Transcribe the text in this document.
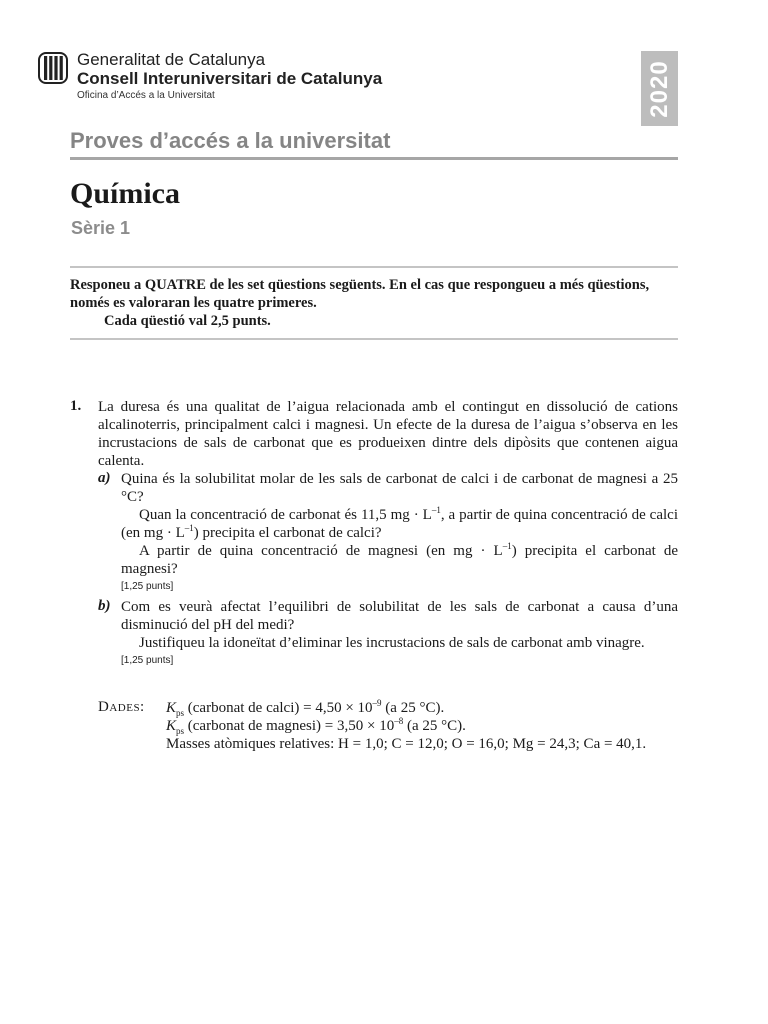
Generalitat de Catalunya
Consell Interuniversitari de Catalunya
Oficina d’Accés a la Universitat	2020
Proves d’accés a la universitat
Química
Sèrie 1
Responeu a QUATRE de les set qüestions següents. En el cas que respongueu a més qüestions,
només es valoraran les quatre primeres.
Cada qüestió val 2,5 punts.
1. La duresa és una qualitat de l’aigua relacionada amb el contingut en dissolució de cations alcalinoterris, principalment calci i magnesi. Un efecte de la duresa de l’aigua s’observa en les incrustacions de sals de carbonat que es produeixen dintre dels dipòsits que contenen aigua calenta.
a) Quina és la solubilitat molar de les sals de carbonat de calci i de carbonat de magnesi a 25 °C?
Quan la concentració de carbonat és 11,5 mg · $L^{-1}$, a partir de quina concentració de calci (en mg · $L^{-1}$) precipita el carbonat de calci?
A partir de quina concentració de magnesi (en mg · $L^{-1}$) precipita el carbonat de magnesi?
[1,25 punts]
b) Com es veurà afectat l’equilibri de solubilitat de les sals de carbonat a causa d’una disminució del pH del medi?
Justifiqueu la idoneïtat d’eliminar les incrustacions de sals de carbonat amb vinagre.
[1,25 punts]
Dades: $K_{ps}$ (carbonat de calci) = $4,50 \times 10^{-9}$ (a 25 °C).
$K_{ps}$ (carbonat de magnesi) = $3,50 \times 10^{-8}$ (a 25 °C).
Masses atòmiques relatives: H = 1,0; C = 12,0; O = 16,0; Mg = 24,3; Ca = 40,1.
